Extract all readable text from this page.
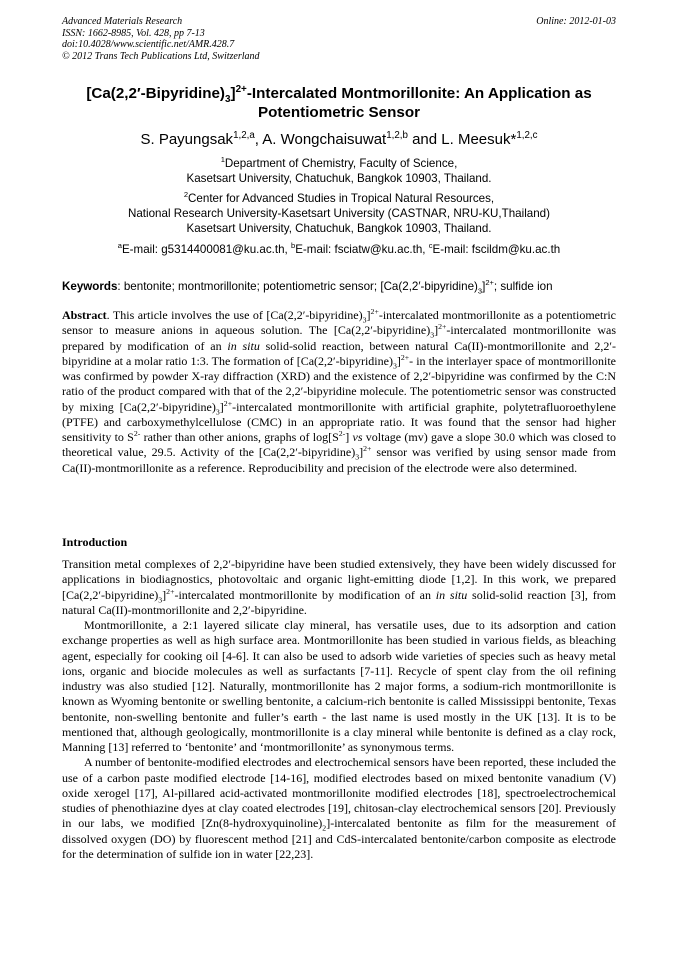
Advanced Materials Research
ISSN: 1662-8985, Vol. 428, pp 7-13
doi:10.4028/www.scientific.net/AMR.428.7
© 2012 Trans Tech Publications Ltd, Switzerland
Online: 2012-01-03
$[Ca(2,2'-Bipyridine)_3]^{2+}$-Intercalated Montmorillonite: An Application as Potentiometric Sensor
S. Payungsak$^{1,2,a}$, A. Wongchaisuwat$^{1,2,b}$ and L. Meesuk*$^{1,2,c}$
$^1$Department of Chemistry, Faculty of Science,
Kasetsart University, Chatuchuk, Bangkok 10903, Thailand.
$^2$Center for Advanced Studies in Tropical Natural Resources,
National Research University-Kasetsart University (CASTNAR, NRU-KU,Thailand)
Kasetsart University, Chatuchuk, Bangkok 10903, Thailand.
$^a$E-mail: g5314400081@ku.ac.th, $^b$E-mail: fsciatw@ku.ac.th, $^c$E-mail: fscildm@ku.ac.th
Keywords: bentonite; montmorillonite; potentiometric sensor; $[Ca(2,2'-bipyridine)_3]^{2+}$; sulfide ion
Abstract. This article involves the use of $[Ca(2,2'-bipyridine)_3]^{2+}$-intercalated montmorillonite as a potentiometric sensor to measure anions in aqueous solution. The $[Ca(2,2'-bipyridine)_3]^{2+}$-intercalated montmorillonite was prepared by modification of an in situ solid-solid reaction, between natural Ca(II)-montmorillonite and 2,2′-bipyridine at a molar ratio 1:3. The formation of $[Ca(2,2'-bipyridine)_3]^{2+}-$ in the interlayer space of montmorillonite was confirmed by powder X-ray diffraction (XRD) and the existence of 2,2′-bipyridine was confirmed by the C:N ratio of the product compared with that of the 2,2′-bipyridine molecule. The potentiometric sensor was constructed by mixing $[Ca(2,2'-bipyridine)_3]^{2+}$-intercalated montmorillonite with artificial graphite, polytetrafluoroethylene (PTFE) and carboxymethylcellulose (CMC) in an appropriate ratio. It was found that the sensor had higher sensitivity to $S^{2-}$ rather than other anions, graphs of $\log[S^{2-}]$ vs voltage (mv) gave a slope 30.0 which was closed to theoretical value, 29.5. Activity of the $[Ca(2,2'-bipyridine)_3]^{2+}$ sensor was verified by using sensor made from Ca(II)-montmorillonite as a reference. Reproducibility and precision of the electrode were also determined.
Introduction

Transition metal complexes of 2,2′-bipyridine have been studied extensively, they have been widely discussed for applications in biodiagnostics, photovoltaic and organic light-emitting diode [1,2]. In this work, we prepared $[Ca(2,2'-bipyridine)_3]^{2+}$-intercalated montmorillonite by modification of an in situ solid-solid reaction [3], from natural Ca(II)-montmorillonite and 2,2′-bipyridine.

Montmorillonite, a 2:1 layered silicate clay mineral, has versatile uses, due to its adsorption and cation exchange properties as well as high surface area. Montmorillonite has been studied in various fields, as bleaching agent, especially for cooking oil [4-6]. It can also be used to adsorb wide varieties of species such as heavy metal ions, organic and biocide molecules as well as surfactants [7-11]. Recycle of spent clay from the oil refining industry was also studied [12]. Naturally, montmorillonite has 2 major forms, a sodium-rich montmorillonite is known as Wyoming bentonite or swelling bentonite, a calcium-rich bentonite is called Mississippi bentonite, Texas bentonite, non-swelling bentonite and fuller’s earth - the last name is used mostly in the UK [13]. It is to be mentioned that, although geologically, montmorillonite is a clay mineral while bentonite is defined as a clay rock, Manning [13] referred to ‘bentonite’ and ‘montmorillonite’ as synonymous terms.

A number of bentonite-modified electrodes and electrochemical sensors have been reported, these included the use of a carbon paste modified electrode [14-16], modified electrodes based on mixed bentonite vanadium (V) oxide xerogel [17], Al-pillared acid-activated montmorillonite modified electrodes [18], spectroelectrochemical studies of phenothiazine dyes at clay coated electrodes [19], chitosan-clay electrochemical sensors [20]. Previously in our labs, we modified $[Zn(8-hydroxyquinoline)_2]$-intercalated bentonite as film for the measurement of dissolved oxygen (DO) by fluorescent method [21] and CdS-intercalated bentonite/carbon composite as electrode for the determination of sulfide ion in water [22,23].
